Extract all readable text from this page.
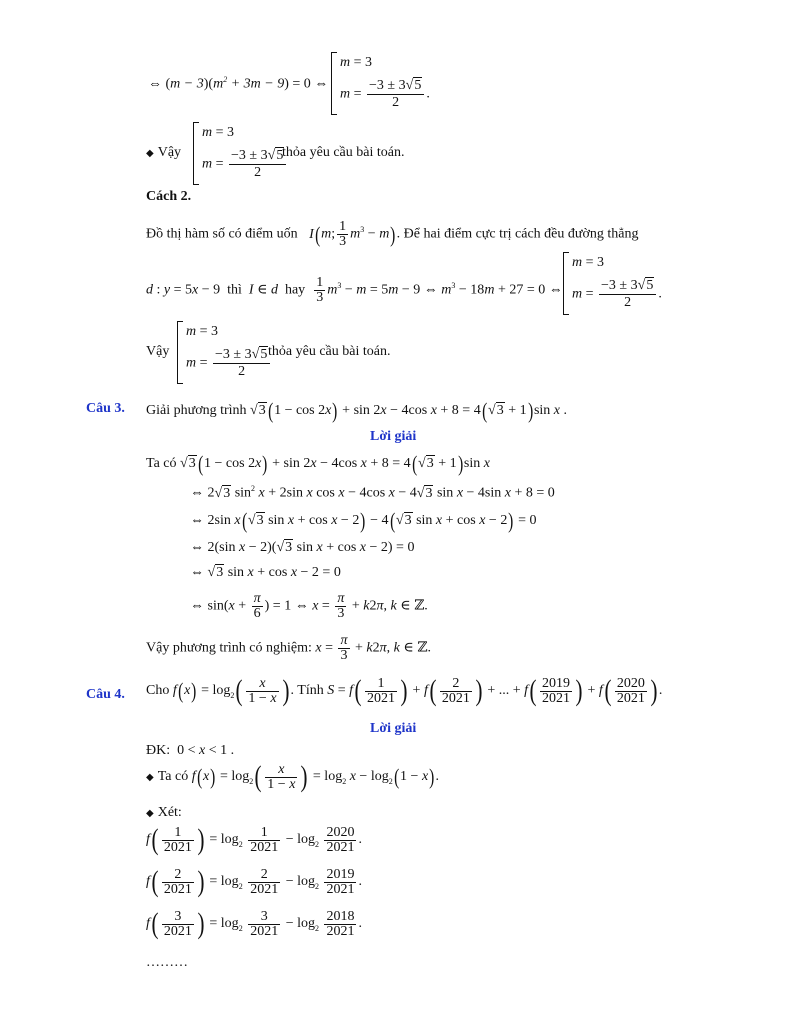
⇔ $(m - 3)(m^2 + 3m - 9) = 0$ ⇔
m = 3
$m = \frac{-3 \pm 3√5}{2}$ .
◆ Vậy
m = 3
$m = \frac{-3 \pm 3√5}{2}$
thỏa yêu cầu bài toán.
Cách 2.
Đồ thị hàm số có điểm uốn I(m; $\frac{1}{3} m^3 - m$). Để hai điểm cực trị cách đều đường thẳng
d : y = 5x − 9  thì  I ∈ d  hay $\frac{1}{3} m^3 - m = 5m - 9$ ⇔ $m^3 - 18m + 27 = 0$ ⇔
m = 3
$m = \frac{-3 \pm 3√5}{2}$ .
Vậy
m = 3
$m = \frac{-3 \pm 3√5}{2}$
thỏa yêu cầu bài toán.
Câu 3. Giải phương trình √3(1 − cos 2x) + sin 2x − 4cos x + 8 = 4(√3 + 1)sin x .
Lời giải
Ta có √3(1 − cos 2x) + sin 2x − 4cos x + 8 = 4(√3 + 1)sin x
⇔ 2√3 $\sin^2 x + 2\sin$ x cos x − 4cos x − 4√3 sin x − 4sin x + 8 = 0
⇔ 2sin x(√3 sin x + cos x − 2) − 4(√3 sin x + cos x − 2) = 0
⇔ 2(sin x − 2)(√3 sin x + cos x − 2) = 0
⇔ √3 sin x + cos x − 2 = 0
⇔ $\sin(x + \frac{\pi}{6}$ ) = 1 ⇔ $x = \frac{\pi}{3} + k2\pi$, k ∈ ℤ.
Vậy phương trình có nghiệm: $x = \frac{\pi}{3} + k2\pi$, k ∈ ℤ.
Câu 4. Cho $f(x) = \log_2( \frac{x}{1 - x}$ ) . Tính $S = f( \frac{1}{2021}$ ) + $f( \frac{2}{2021}$ ) + ... + $f( \frac{2019}{2021}$ ) + $f( \frac{2020}{2021}$ ) .
Lời giải
ĐK:  0 < x < 1 .
◆ Ta có $f(x) = \log_2( \frac{x}{1 - x}$ ) = $\log_2 x - \log_2(1 - x)$.
◆ Xét:
$f( \frac{1}{2021}$ ) = $\log_2 \frac{1}{2021} - \log_2 \frac{2020}{2021}$ .
$f( \frac{2}{2021}$ ) = $\log_2 \frac{2}{2021} - \log_2 \frac{2019}{2021}$ .
$f( \frac{3}{2021}$ ) = $\log_2 \frac{3}{2021} - \log_2 \frac{2018}{2021}$ .
………
